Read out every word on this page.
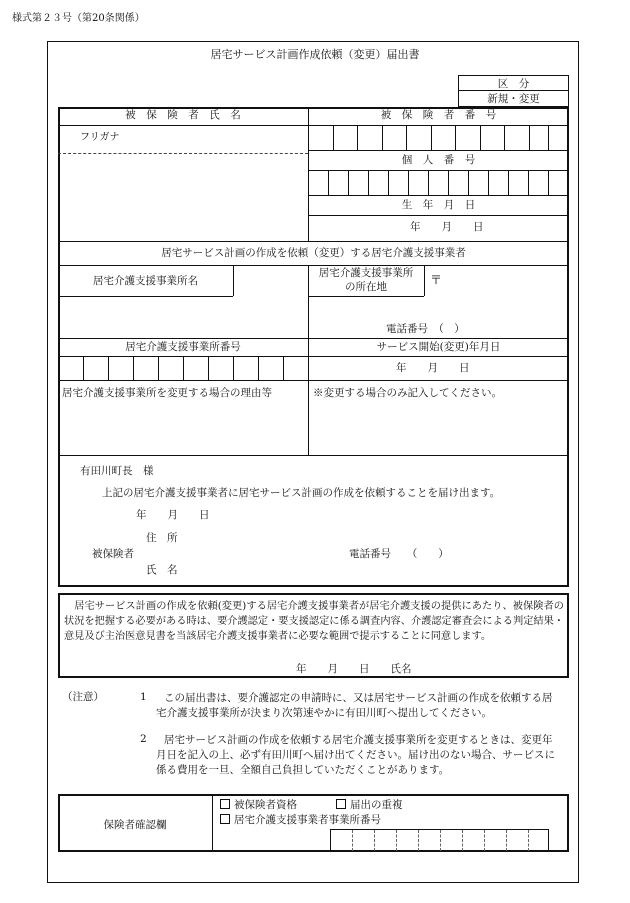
様式第２３号（第20条関係）
居宅サービス計画作成依頼（変更）届出書
区　分
新規・変更
被　保　険　者　氏　名	被　保　険　者　番　号
フリガナ
個　人　番　号
生　年　月　日
年　　月　　日
居宅サービス計画の作成を依頼（変更）する居宅介護支援事業者
居宅介護支援事業所名
居宅介護支援事業所
の所在地	〒
電話番号　（　）
居宅介護支援事業所番号	サービス開始(変更)年月日
年　　月　　日
居宅介護支援事業所を変更する場合の理由等	※変更する場合のみ記入してください。
有田川町長　様
上記の居宅介護支援事業者に居宅サービス計画の作成を依頼することを届け出ます。
年　　月　　日
住　所
被保険者
氏　名
電話番号　　（　　）
　居宅サービス計画の作成を依頼(変更)する居宅介護支援事業者が居宅介護支援の提供にあたり、被保険者の状況を把握する必要がある時は、要介護認定・要支援認定に係る調査内容、介護認定審査会による判定結果・意見及び主治医意見書を当該居宅介護支援事業者に必要な範囲で提示することに同意します。
年　　月　　日　　氏名
（注意）	1	この届出書は、要介護認定の申請時に、又は居宅サービス計画の作成を依頼する居宅介護支援事業所が決まり次第速やかに有田川町へ提出してください。
2	居宅サービス計画の作成を依頼する居宅介護支援事業所を変更するときは、変更年月日を記入の上、必ず有田川町へ届け出てください。届け出のない場合、サービスに係る費用を一旦、全額自己負担していただくことがあります。
保険者確認欄
被保険者資格	届出の重複
居宅介護支援事業者事業所番号
